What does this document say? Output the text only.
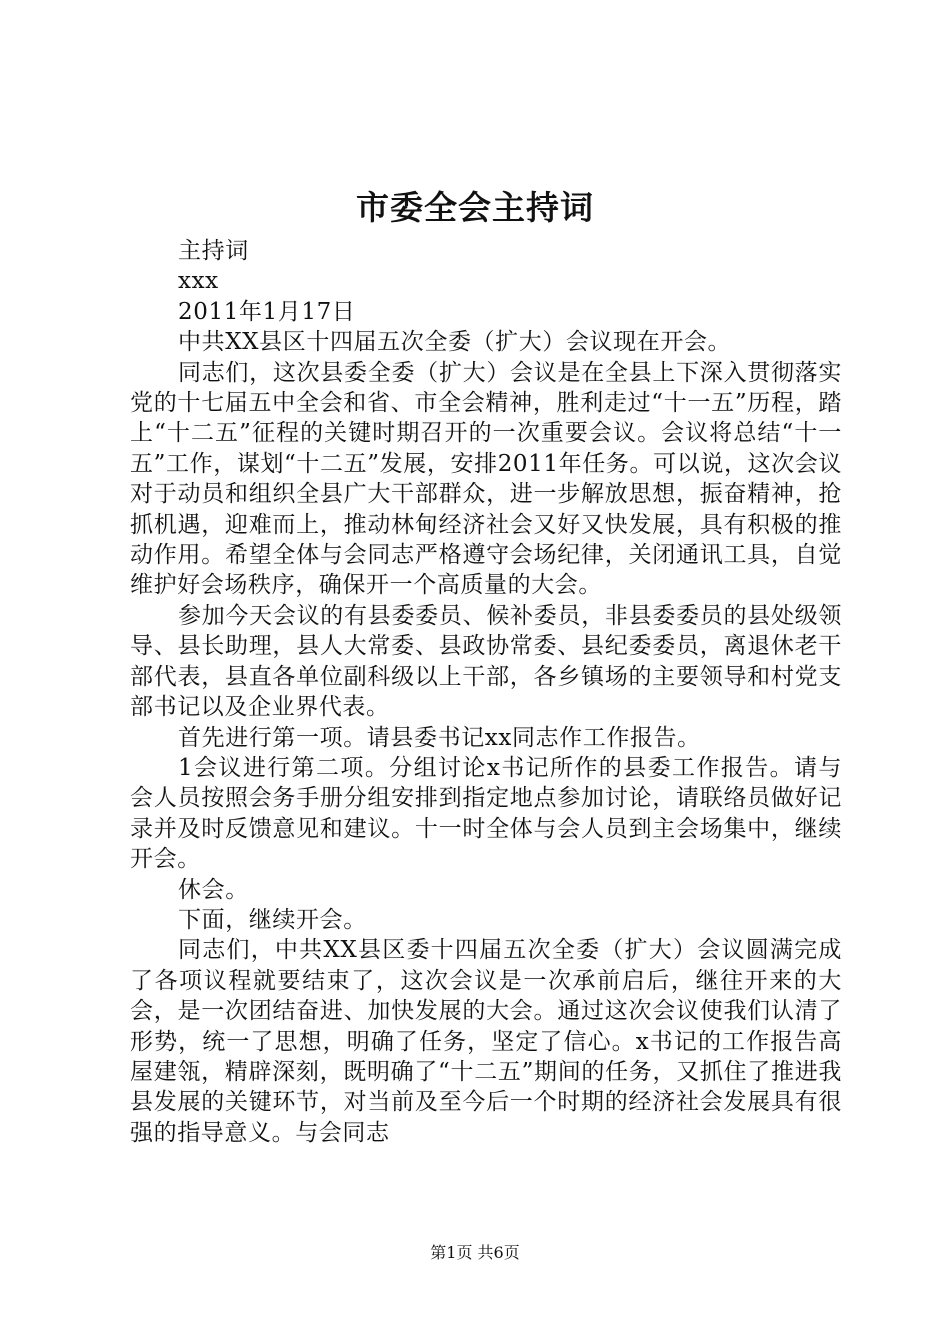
市委全会主持词

主持词

xxx

2011年1月17日

中共XX县区十四届五次全委（扩大）会议现在开会。

同志们，这次县委全委（扩大）会议是在全县上下深入贯彻落实党的十七届五中全会和省、市全会精神，胜利走过“十一五”历程，踏上“十二五”征程的关键时期召开的一次重要会议。会议将总结“十一五”工作，谋划“十二五”发展，安排2011年任务。可以说，这次会议对于动员和组织全县广大干部群众，进一步解放思想，振奋精神，抢抓机遇，迎难而上，推动林甸经济社会又好又快发展，具有积极的推动作用。希望全体与会同志严格遵守会场纪律，关闭通讯工具，自觉维护好会场秩序，确保开一个高质量的大会。

参加今天会议的有县委委员、候补委员，非县委委员的县处级领导、县长助理，县人大常委、县政协常委、县纪委委员，离退休老干部代表，县直各单位副科级以上干部，各乡镇场的主要领导和村党支部书记以及企业界代表。

首先进行第一项。请县委书记xx同志作工作报告。

1会议进行第二项。分组讨论x书记所作的县委工作报告。请与会人员按照会务手册分组安排到指定地点参加讨论，请联络员做好记录并及时反馈意见和建议。十一时全体与会人员到主会场集中，继续开会。

休会。

下面，继续开会。

同志们，中共XX县区委十四届五次全委（扩大）会议圆满完成了各项议程就要结束了，这次会议是一次承前启后，继往开来的大会，是一次团结奋进、加快发展的大会。通过这次会议使我们认清了形势，统一了思想，明确了任务，坚定了信心。x书记的工作报告高屋建瓴，精辟深刻，既明确了“十二五”期间的任务，又抓住了推进我县发展的关键环节，对当前及至今后一个时期的经济社会发展具有很强的指导意义。与会同志

第1页 共6页
